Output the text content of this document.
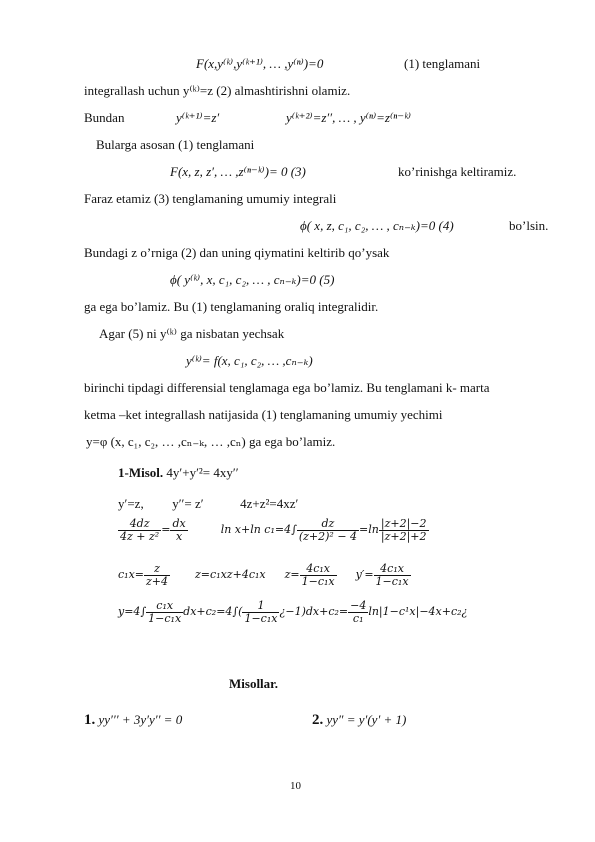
F(x,y⁽ᵏ⁾,y⁽ᵏ⁺¹⁾, … ,y⁽ⁿ⁾)=0	(1) tenglamani
integrallash uchun y⁽ᵏ⁾=z (2) almashtirishni olamiz.
Bundan	y⁽ᵏ⁺¹⁾=z′	y⁽ᵏ⁺²⁾=z′′, … , y⁽ⁿ⁾=z⁽ⁿ⁻ᵏ⁾
Bularga asosan (1) tenglamani
F(x, z, z′, … ,z⁽ⁿ⁻ᵏ⁾)= 0 (3)	ko’rinishga keltiramiz.
Faraz etamiz (3) tenglamaning umumiy integrali
ϕ( x, z, c₁, c₂, … , cₙ₋ₖ)=0 (4)	bo’lsin.
Bundagi z o’rniga (2) dan uning qiymatini keltirib qo’ysak
ϕ( y⁽ᵏ⁾, x, c₁, c₂, … , cₙ₋ₖ)=0 (5)
ga ega bo’lamiz. Bu (1) tenglamaning oraliq integralidir.
Agar (5) ni y⁽ᵏ⁾ ga nisbatan yechsak
y⁽ᵏ⁾= f(x, c₁, c₂, … ,cₙ₋ₖ)
birinchi tipdagi differensial tenglamaga ega bo’lamiz. Bu tenglamani k- marta
ketma –ket integrallash natijasida (1) tenglamaning umumiy yechimi
y=φ (x, c₁, c₂, … ,cₙ₋ₖ, … ,cₙ) ga ega bo’lamiz.
1-Misol. 4y′+y′²= 4xy′′
y′=z, y′′= z′	4z+z²=4xz′
$\frac{4dz}{\text{4z + z²}} = \frac{dx}{x}$	ln x+ln $c_1=4\int \frac{dz}{\text{(z+2)² − 4}} =\ln \frac{|z+2|-2}{|z+2|+2}$
$c_1x= \frac{z}{z+4} z=c_1xz+4c_1x$ $z= \frac{\text{4c₁x}}{\text{1−c₁x}} y'= \frac{\text{4c₁x}}{\text{1−c₁x}}$
$y=4\int \frac{\text{c₁x}}{\text{1−c₁x}} dx+c_2=4\int( \frac{1}{\text{1−c₁x}}$ ¿$-1)dx+c_2= \frac{-4}{\text{c₁}}$ ln|1−c¹x|−4x+c₂¿
Misollar.
1. yy′′′ + 3y′y′′ = 0	2. yy″ = y′(y′ + 1)
10
